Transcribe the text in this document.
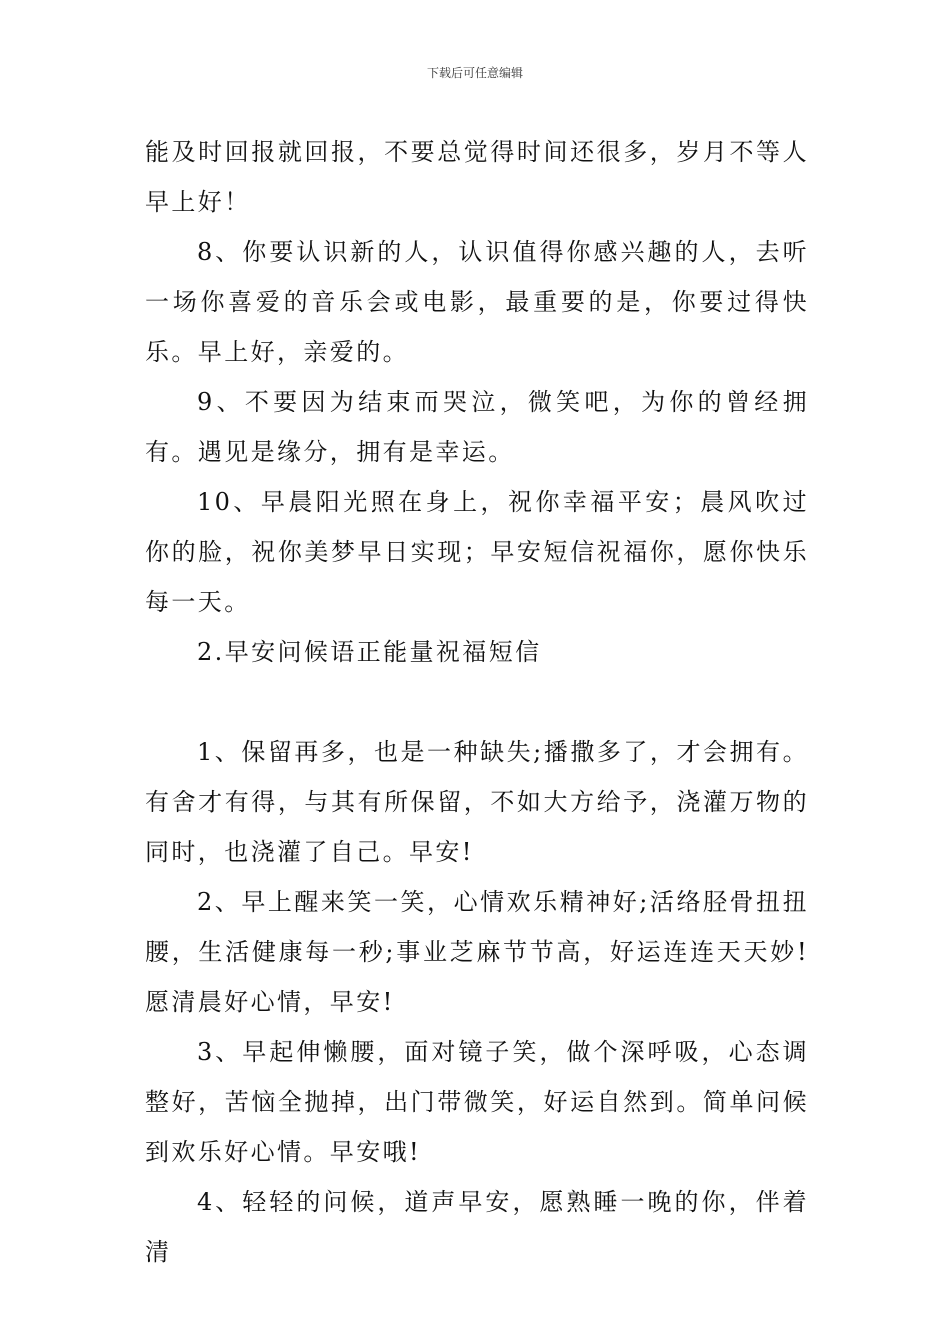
下载后可任意编辑

能及时回报就回报，不要总觉得时间还很多，岁月不等人早上好！

8、你要认识新的人，认识值得你感兴趣的人，去听一场你喜爱的音乐会或电影，最重要的是，你要过得快乐。早上好，亲爱的。

9、不要因为结束而哭泣，微笑吧，为你的曾经拥有。遇见是缘分，拥有是幸运。

10、早晨阳光照在身上，祝你幸福平安；晨风吹过你的脸，祝你美梦早日实现；早安短信祝福你，愿你快乐每一天。

2.早安问候语正能量祝福短信

1、保留再多，也是一种缺失;播撒多了，才会拥有。有舍才有得，与其有所保留，不如大方给予，浇灌万物的同时，也浇灌了自己。早安!

2、早上醒来笑一笑，心情欢乐精神好;活络胫骨扭扭腰，生活健康每一秒;事业芝麻节节高，好运连连天天妙!愿清晨好心情，早安!

3、早起伸懒腰，面对镜子笑，做个深呼吸，心态调整好，苦恼全抛掉，出门带微笑，好运自然到。简单问候到欢乐好心情。早安哦!

4、轻轻的问候，道声早安，愿熟睡一晚的你，伴着清
